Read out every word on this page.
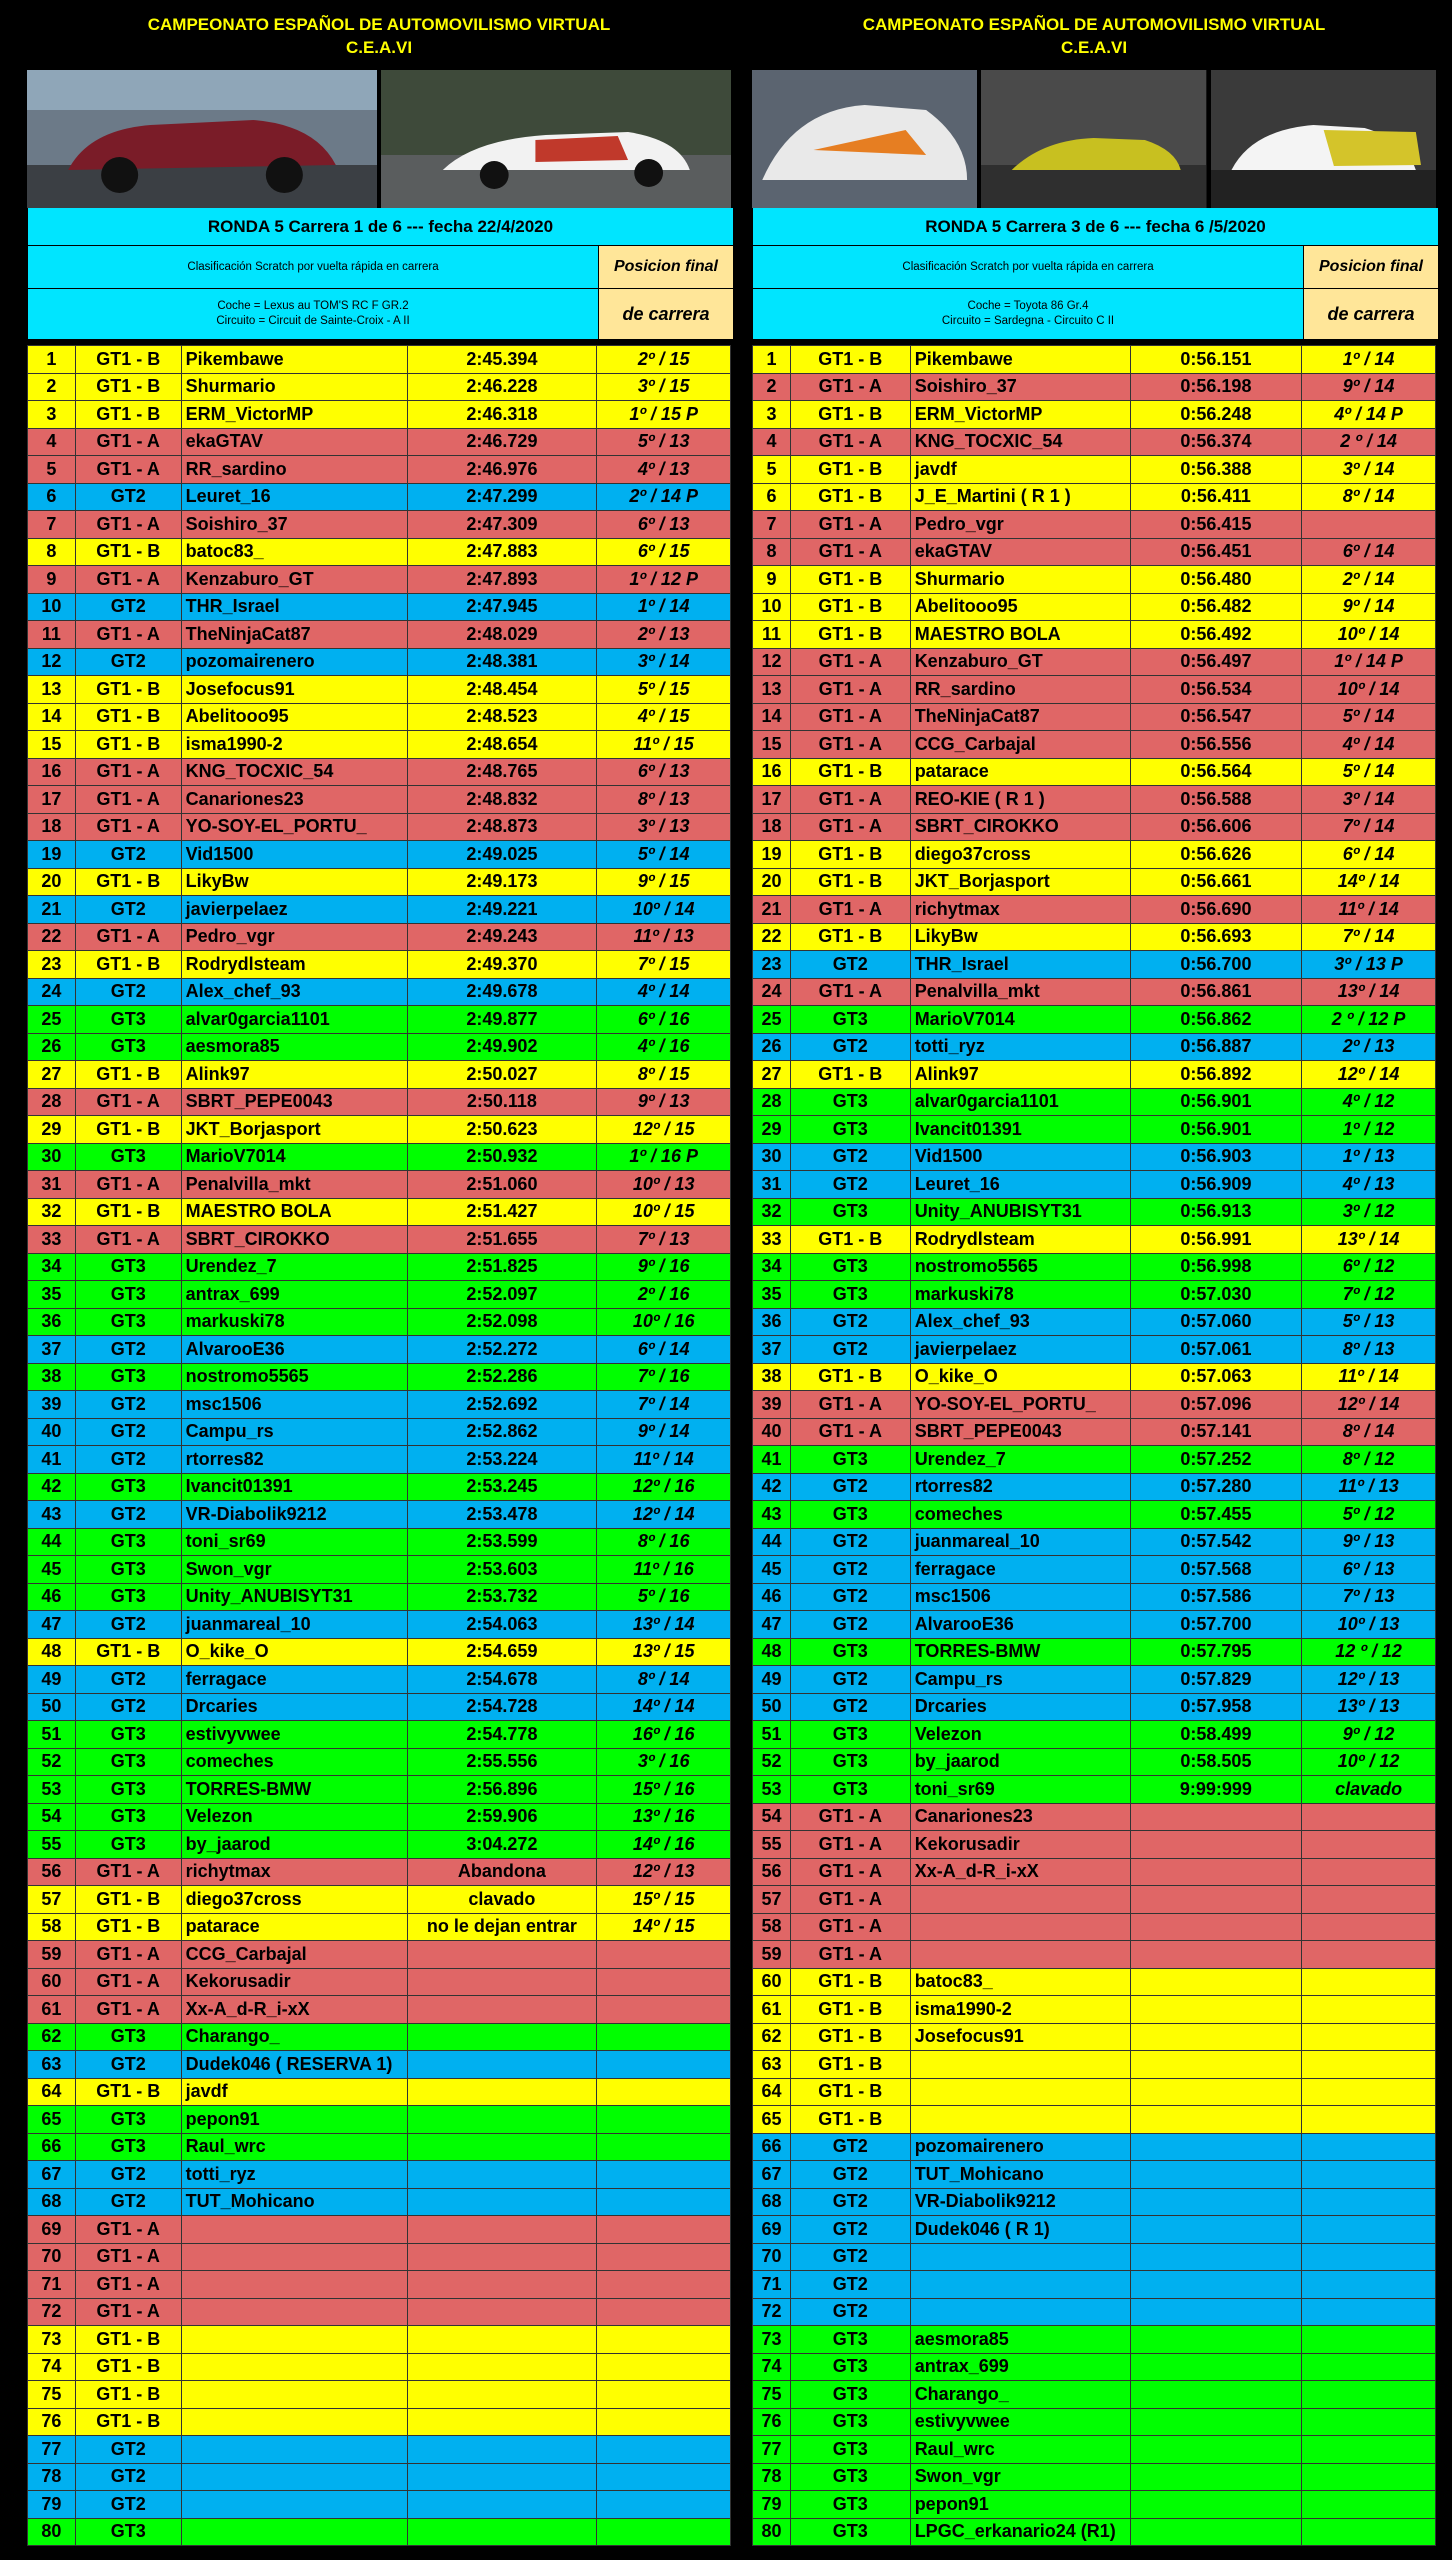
CAMPEONATO ESPAÑOL DE AUTOMOVILISMO VIRTUAL
C.E.A.VI
RONDA 5 Carrera 1 de 6 --- fecha 22/4/2020
Clasificación Scratch por vuelta rápida en carrera	Posicion final
Coche = Lexus au TOM'S RC F GR.2
Circuito = Circuit de Sainte-Croix - A II	de carrera
1	GT1 - B	Pikembawe	2:45.394	2º / 15
2	GT1 - B	Shurmario	2:46.228	3º / 15
3	GT1 - B	ERM_VictorMP	2:46.318	1º / 15 P
4	GT1 - A	ekaGTAV	2:46.729	5º / 13
5	GT1 - A	RR_sardino	2:46.976	4º / 13
6	GT2	Leuret_16	2:47.299	2º / 14 P
7	GT1 - A	Soishiro_37	2:47.309	6º / 13
8	GT1 - B	batoc83_	2:47.883	6º / 15
9	GT1 - A	Kenzaburo_GT	2:47.893	1º / 12 P
10	GT2	THR_Israel	2:47.945	1º / 14
11	GT1 - A	TheNinjaCat87	2:48.029	2º / 13
12	GT2	pozomairenero	2:48.381	3º / 14
13	GT1 - B	Josefocus91	2:48.454	5º / 15
14	GT1 - B	Abelitooo95	2:48.523	4º / 15
15	GT1 - B	isma1990-2	2:48.654	11º / 15
16	GT1 - A	KNG_TOCXIC_54	2:48.765	6º / 13
17	GT1 - A	Canariones23	2:48.832	8º / 13
18	GT1 - A	YO-SOY-EL_PORTU_	2:48.873	3º / 13
19	GT2	Vid1500	2:49.025	5º / 14
20	GT1 - B	LikyBw	2:49.173	9º / 15
21	GT2	javierpelaez	2:49.221	10º / 14
22	GT1 - A	Pedro_vgr	2:49.243	11º / 13
23	GT1 - B	Rodrydlsteam	2:49.370	7º / 15
24	GT2	Alex_chef_93	2:49.678	4º / 14
25	GT3	alvar0garcia1101	2:49.877	6º / 16
26	GT3	aesmora85	2:49.902	4º / 16
27	GT1 - B	Alink97	2:50.027	8º / 15
28	GT1 - A	SBRT_PEPE0043	2:50.118	9º / 13
29	GT1 - B	JKT_Borjasport	2:50.623	12º / 15
30	GT3	MarioV7014	2:50.932	1º / 16 P
31	GT1 - A	Penalvilla_mkt	2:51.060	10º / 13
32	GT1 - B	MAESTRO BOLA	2:51.427	10º / 15
33	GT1 - A	SBRT_CIROKKO	2:51.655	7º / 13
34	GT3	Urendez_7	2:51.825	9º / 16
35	GT3	antrax_699	2:52.097	2º / 16
36	GT3	markuski78	2:52.098	10º / 16
37	GT2	AlvarooE36	2:52.272	6º / 14
38	GT3	nostromo5565	2:52.286	7º / 16
39	GT2	msc1506	2:52.692	7º / 14
40	GT2	Campu_rs	2:52.862	9º / 14
41	GT2	rtorres82	2:53.224	11º / 14
42	GT3	Ivancit01391	2:53.245	12º / 16
43	GT2	VR-Diabolik9212	2:53.478	12º / 14
44	GT3	toni_sr69	2:53.599	8º / 16
45	GT3	Swon_vgr	2:53.603	11º / 16
46	GT3	Unity_ANUBISYT31	2:53.732	5º / 16
47	GT2	juanmareal_10	2:54.063	13º / 14
48	GT1 - B	O_kike_O	2:54.659	13º / 15
49	GT2	ferragace	2:54.678	8º / 14
50	GT2	Drcaries	2:54.728	14º / 14
51	GT3	estivyvwee	2:54.778	16º / 16
52	GT3	comeches	2:55.556	3º / 16
53	GT3	TORRES-BMW	2:56.896	15º / 16
54	GT3	Velezon	2:59.906	13º / 16
55	GT3	by_jaarod	3:04.272	14º / 16
56	GT1 - A	richytmax	Abandona	12º / 13
57	GT1 - B	diego37cross	clavado	15º / 15
58	GT1 - B	patarace	no le dejan entrar	14º / 15
59	GT1 - A	CCG_Carbajal		
60	GT1 - A	Kekorusadir		
61	GT1 - A	Xx-A_d-R_i-xX		
62	GT3	Charango_		
63	GT2	Dudek046 ( RESERVA 1)		
64	GT1 - B	javdf		
65	GT3	pepon91		
66	GT3	Raul_wrc		
67	GT2	totti_ryz		
68	GT2	TUT_Mohicano		
69	GT1 - A			
70	GT1 - A			
71	GT1 - A			
72	GT1 - A			
73	GT1 - B			
74	GT1 - B			
75	GT1 - B			
76	GT1 - B			
77	GT2			
78	GT2			
79	GT2			
80	GT3			
CAMPEONATO ESPAÑOL DE AUTOMOVILISMO VIRTUAL
C.E.A.VI
RONDA 5 Carrera 3 de 6 --- fecha 6 /5/2020
Clasificación Scratch por vuelta rápida en carrera	Posicion final
Coche = Toyota 86 Gr.4
Circuito = Sardegna - Circuito C II	de carrera
1	GT1 - B	Pikembawe	0:56.151	1º / 14
2	GT1 - A	Soishiro_37	0:56.198	9º / 14
3	GT1 - B	ERM_VictorMP	0:56.248	4º / 14 P
4	GT1 - A	KNG_TOCXIC_54	0:56.374	2 º / 14
5	GT1 - B	javdf	0:56.388	3º / 14
6	GT1 - B	J_E_Martini ( R 1 )	0:56.411	8º / 14
7	GT1 - A	Pedro_vgr	0:56.415	
8	GT1 - A	ekaGTAV	0:56.451	6º / 14
9	GT1 - B	Shurmario	0:56.480	2º / 14
10	GT1 - B	Abelitooo95	0:56.482	9º / 14
11	GT1 - B	MAESTRO BOLA	0:56.492	10º / 14
12	GT1 - A	Kenzaburo_GT	0:56.497	1º / 14 P
13	GT1 - A	RR_sardino	0:56.534	10º / 14
14	GT1 - A	TheNinjaCat87	0:56.547	5º / 14
15	GT1 - A	CCG_Carbajal	0:56.556	4º / 14
16	GT1 - B	patarace	0:56.564	5º / 14
17	GT1 - A	REO-KIE ( R 1 )	0:56.588	3º / 14
18	GT1 - A	SBRT_CIROKKO	0:56.606	7º / 14
19	GT1 - B	diego37cross	0:56.626	6º / 14
20	GT1 - B	JKT_Borjasport	0:56.661	14º / 14
21	GT1 - A	richytmax	0:56.690	11º / 14
22	GT1 - B	LikyBw	0:56.693	7º / 14
23	GT2	THR_Israel	0:56.700	3º / 13 P
24	GT1 - A	Penalvilla_mkt	0:56.861	13º / 14
25	GT3	MarioV7014	0:56.862	2 º / 12 P
26	GT2	totti_ryz	0:56.887	2º / 13
27	GT1 - B	Alink97	0:56.892	12º / 14
28	GT3	alvar0garcia1101	0:56.901	4º / 12
29	GT3	Ivancit01391	0:56.901	1º / 12
30	GT2	Vid1500	0:56.903	1º / 13
31	GT2	Leuret_16	0:56.909	4º / 13
32	GT3	Unity_ANUBISYT31	0:56.913	3º / 12
33	GT1 - B	Rodrydlsteam	0:56.991	13º / 14
34	GT3	nostromo5565	0:56.998	6º / 12
35	GT3	markuski78	0:57.030	7º / 12
36	GT2	Alex_chef_93	0:57.060	5º / 13
37	GT2	javierpelaez	0:57.061	8º / 13
38	GT1 - B	O_kike_O	0:57.063	11º / 14
39	GT1 - A	YO-SOY-EL_PORTU_	0:57.096	12º / 14
40	GT1 - A	SBRT_PEPE0043	0:57.141	8º / 14
41	GT3	Urendez_7	0:57.252	8º / 12
42	GT2	rtorres82	0:57.280	11º / 13
43	GT3	comeches	0:57.455	5º / 12
44	GT2	juanmareal_10	0:57.542	9º / 13
45	GT2	ferragace	0:57.568	6º / 13
46	GT2	msc1506	0:57.586	7º / 13
47	GT2	AlvarooE36	0:57.700	10º / 13
48	GT3	TORRES-BMW	0:57.795	12 º / 12
49	GT2	Campu_rs	0:57.829	12º / 13
50	GT2	Drcaries	0:57.958	13º / 13
51	GT3	Velezon	0:58.499	9º / 12
52	GT3	by_jaarod	0:58.505	10º / 12
53	GT3	toni_sr69	9:99:999	clavado
54	GT1 - A	Canariones23		
55	GT1 - A	Kekorusadir		
56	GT1 - A	Xx-A_d-R_i-xX		
57	GT1 - A			
58	GT1 - A			
59	GT1 - A			
60	GT1 - B	batoc83_		
61	GT1 - B	isma1990-2		
62	GT1 - B	Josefocus91		
63	GT1 - B			
64	GT1 - B			
65	GT1 - B			
66	GT2	pozomairenero		
67	GT2	TUT_Mohicano		
68	GT2	VR-Diabolik9212		
69	GT2	Dudek046 ( R 1)		
70	GT2			
71	GT2			
72	GT2			
73	GT3	aesmora85		
74	GT3	antrax_699		
75	GT3	Charango_		
76	GT3	estivyvwee		
77	GT3	Raul_wrc		
78	GT3	Swon_vgr		
79	GT3	pepon91		
80	GT3	LPGC_erkanario24 (R1)		
